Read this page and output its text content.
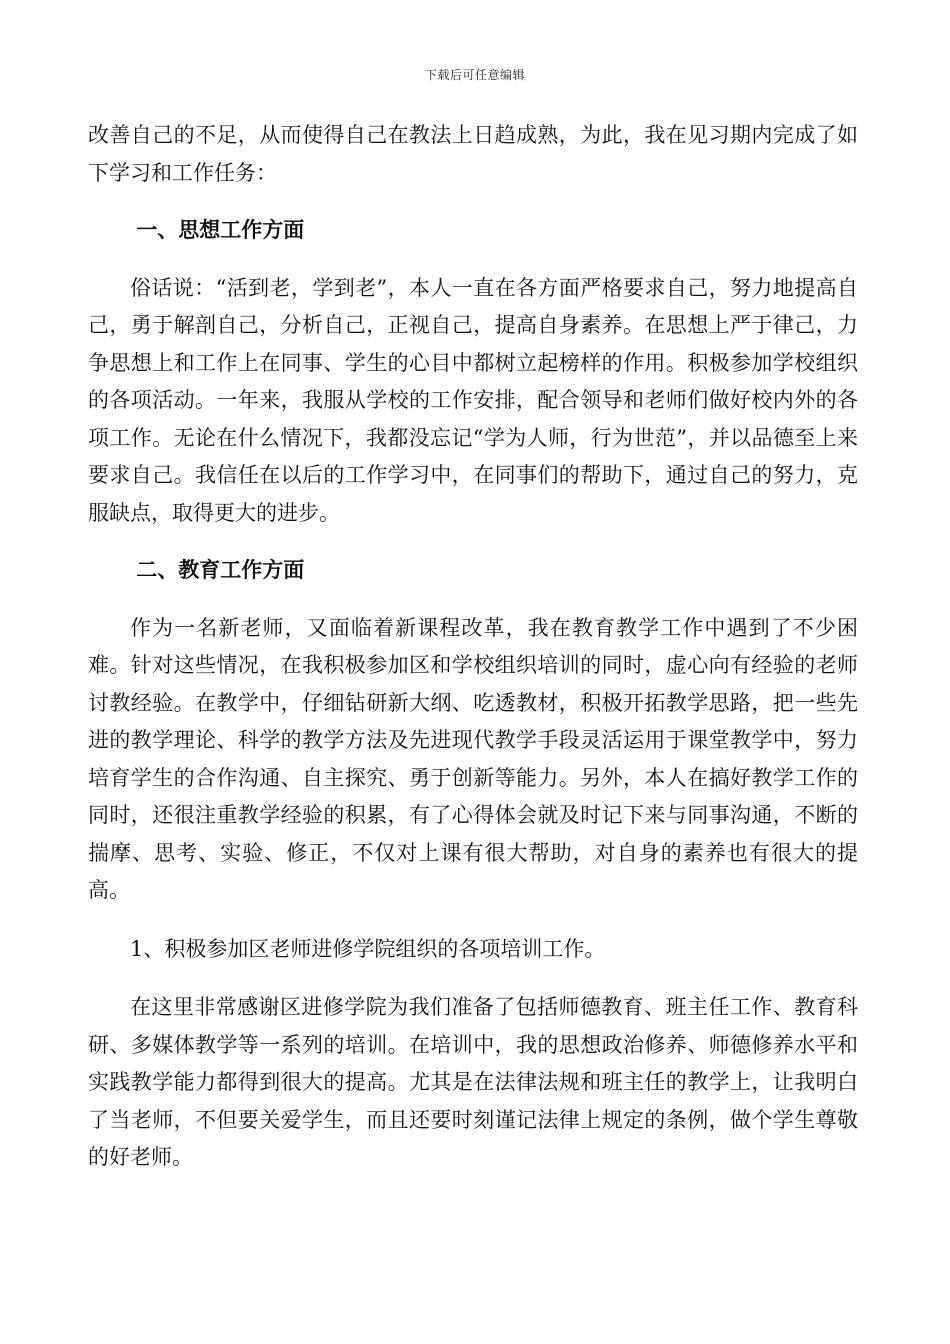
下载后可任意编辑

改善自己的不足，从而使得自己在教法上日趋成熟，为此，我在见习期内完成了如下学习和工作任务：

一、思想工作方面

俗话说：“活到老，学到老”，本人一直在各方面严格要求自己，努力地提高自己，勇于解剖自己，分析自己，正视自己，提高自身素养。在思想上严于律己，力争思想上和工作上在同事、学生的心目中都树立起榜样的作用。积极参加学校组织的各项活动。一年来，我服从学校的工作安排，配合领导和老师们做好校内外的各项工作。无论在什么情况下，我都没忘记“学为人师，行为世范”，并以品德至上来要求自己。我信任在以后的工作学习中，在同事们的帮助下，通过自己的努力，克服缺点，取得更大的进步。

二、教育工作方面

作为一名新老师，又面临着新课程改革，我在教育教学工作中遇到了不少困难。针对这些情况，在我积极参加区和学校组织培训的同时，虚心向有经验的老师讨教经验。在教学中，仔细钻研新大纲、吃透教材，积极开拓教学思路，把一些先进的教学理论、科学的教学方法及先进现代教学手段灵活运用于课堂教学中，努力培育学生的合作沟通、自主探究、勇于创新等能力。另外，本人在搞好教学工作的同时，还很注重教学经验的积累，有了心得体会就及时记下来与同事沟通，不断的揣摩、思考、实验、修正，不仅对上课有很大帮助，对自身的素养也有很大的提高。

1、积极参加区老师进修学院组织的各项培训工作。

在这里非常感谢区进修学院为我们准备了包括师德教育、班主任工作、教育科研、多媒体教学等一系列的培训。在培训中，我的思想政治修养、师德修养水平和实践教学能力都得到很大的提高。尤其是在法律法规和班主任的教学上，让我明白了当老师，不但要关爱学生，而且还要时刻谨记法律上规定的条例，做个学生尊敬的好老师。
